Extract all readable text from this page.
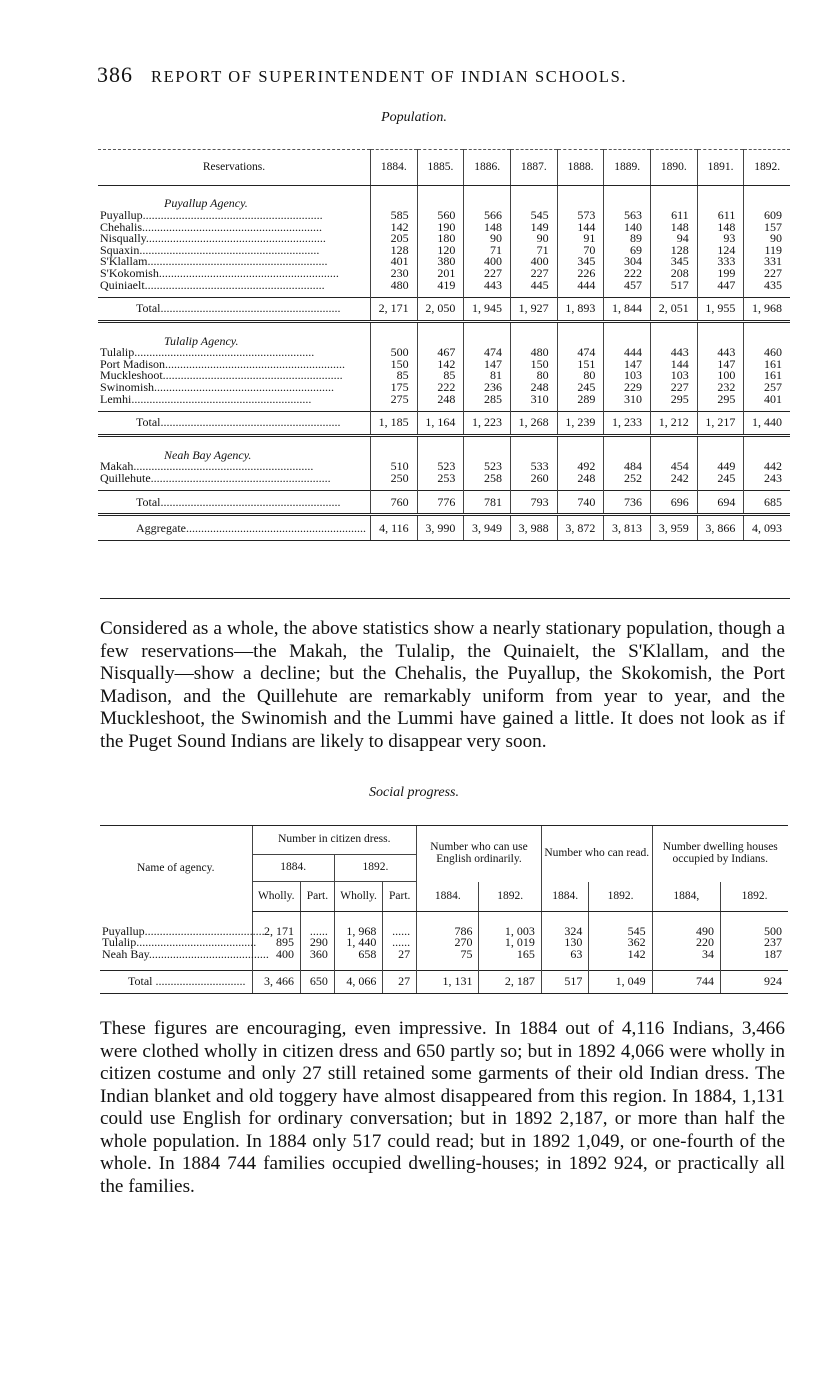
386 REPORT OF SUPERINTENDENT OF INDIAN SCHOOLS.
Population.
Reservations.	1884.	1885.	1886.	1887.	1888.	1889.	1890.	1891.	1892.
Puyallup Agency.									
Puyallup............................................................	585	560	566	545	573	563	611	611	609
Chehalis............................................................	142	190	148	149	144	140	148	148	157
Nisqually............................................................	205	180	90	90	91	89	94	93	90
Squaxin............................................................	128	120	71	71	70	69	128	124	119
S'Klallam............................................................	401	380	400	400	345	304	345	333	331
S'Kokomish............................................................	230	201	227	227	226	222	208	199	227
Quiniaelt............................................................	480	419	443	445	444	457	517	447	435

Total............................................................	2, 171	2, 050	1, 945	1, 927	1, 893	1, 844	2, 051	1, 955	1, 968
Tulalip Agency.									
Tulalip............................................................	500	467	474	480	474	444	443	443	460
Port Madison............................................................	150	142	147	150	151	147	144	147	161
Muckleshoot............................................................	85	85	81	80	80	103	103	100	161
Swinomish............................................................	175	222	236	248	245	229	227	232	257
Lemhi............................................................	275	248	285	310	289	310	295	295	401

Total............................................................	1, 185	1, 164	1, 223	1, 268	1, 239	1, 233	1, 212	1, 217	1, 440
Neah Bay Agency.									
Makah............................................................	510	523	523	533	492	484	454	449	442
Quillehute............................................................	250	253	258	260	248	252	242	245	243

Total............................................................	760	776	781	793	740	736	696	694	685
Aggregate............................................................	4, 116	3, 990	3, 949	3, 988	3, 872	3, 813	3, 959	3, 866	4, 093
Considered as a whole, the above statistics show a nearly stationary population, though a few reservations—the Makah, the Tulalip, the Quinaielt, the S'Klallam, and the Nisqually—show a decline; but the Chehalis, the Puyallup, the Skokomish, the Port Madison, and the Quillehute are remarkably uniform from year to year, and the Muckleshoot, the Swinomish and the Lummi have gained a little. It does not look as if the Puget Sound Indians are likely to disappear very soon.
Social progress.
Name of agency.	Number in citizen dress.				Number who can use English ordinarily.		Number who can read.		Number dwelling houses occupied by Indians.	
	1884.		1892.							
	Wholly.	Part.	Wholly.	Part.	1884.	1892.	1884.	1892.	1884,	1892.

Puyallup........................................	2, 171	......	1, 968	......	786	1, 003	324	545	490	500
Tulalip........................................	895	290	1, 440	......	270	1, 019	130	362	220	237
Neah Bay........................................	400	360	658	27	75	165	63	142	34	187

Total ..............................	3, 466	650	4, 066	27	1, 131	2, 187	517	1, 049	744	924
These figures are encouraging, even impressive. In 1884 out of 4,116 Indians, 3,466 were clothed wholly in citizen dress and 650 partly so; but in 1892 4,066 were wholly in citizen costume and only 27 still retained some garments of their old Indian dress. The Indian blanket and old toggery have almost disappeared from this region. In 1884, 1,131 could use English for ordinary conversation; but in 1892 2,187, or more than half the whole population. In 1884 only 517 could read; but in 1892 1,049, or one-fourth of the whole. In 1884 744 families occupied dwelling-houses; in 1892 924, or practically all the families.
